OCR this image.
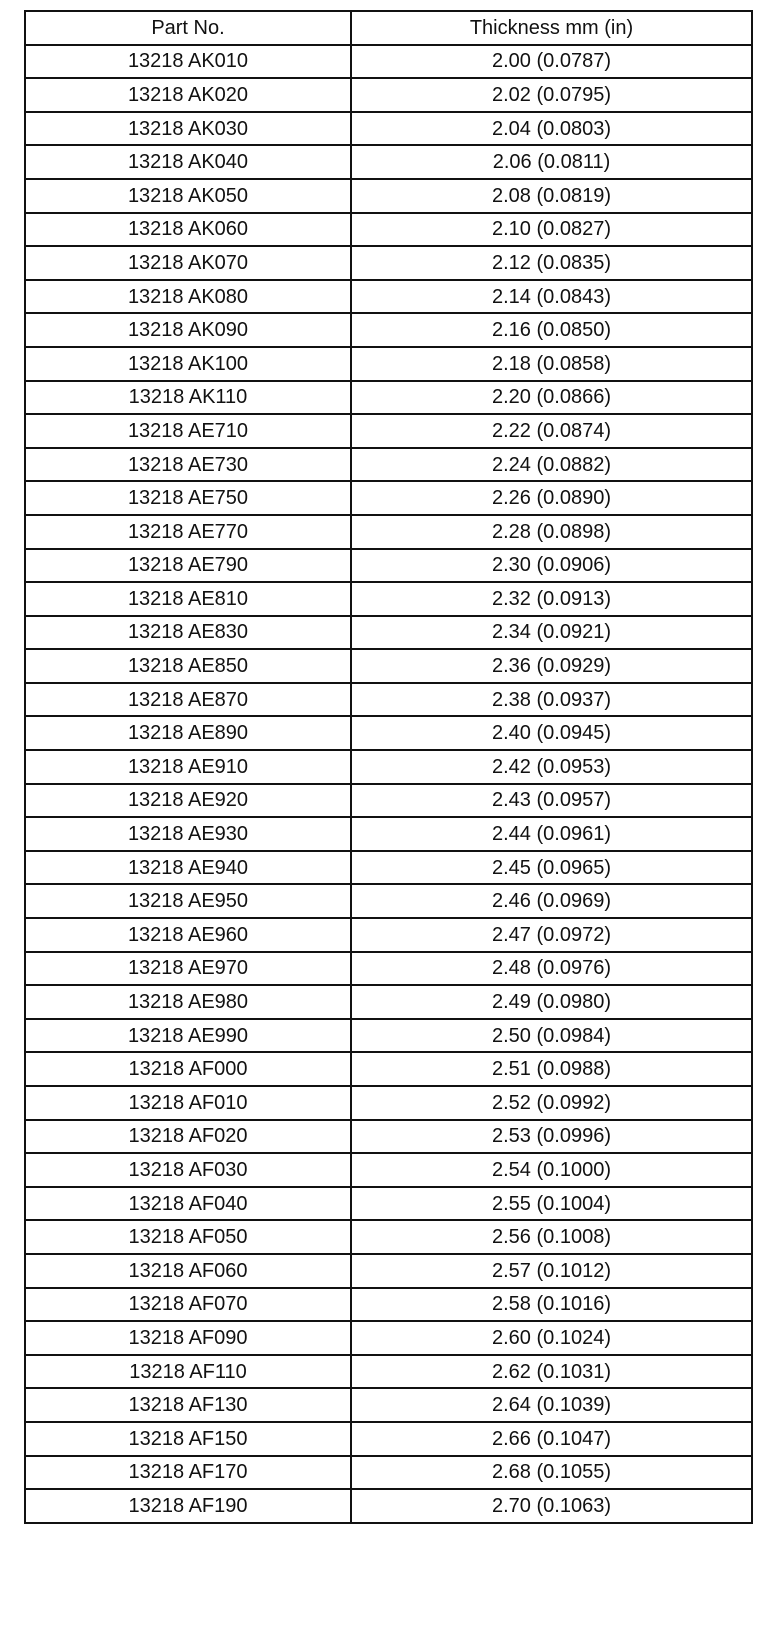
Part No.	Thickness mm (in)
13218 AK010	2.00 (0.0787)
13218 AK020	2.02 (0.0795)
13218 AK030	2.04 (0.0803)
13218 AK040	2.06 (0.0811)
13218 AK050	2.08 (0.0819)
13218 AK060	2.10 (0.0827)
13218 AK070	2.12 (0.0835)
13218 AK080	2.14 (0.0843)
13218 AK090	2.16 (0.0850)
13218 AK100	2.18 (0.0858)
13218 AK110	2.20 (0.0866)
13218 AE710	2.22 (0.0874)
13218 AE730	2.24 (0.0882)
13218 AE750	2.26 (0.0890)
13218 AE770	2.28 (0.0898)
13218 AE790	2.30 (0.0906)
13218 AE810	2.32 (0.0913)
13218 AE830	2.34 (0.0921)
13218 AE850	2.36 (0.0929)
13218 AE870	2.38 (0.0937)
13218 AE890	2.40 (0.0945)
13218 AE910	2.42 (0.0953)
13218 AE920	2.43 (0.0957)
13218 AE930	2.44 (0.0961)
13218 AE940	2.45 (0.0965)
13218 AE950	2.46 (0.0969)
13218 AE960	2.47 (0.0972)
13218 AE970	2.48 (0.0976)
13218 AE980	2.49 (0.0980)
13218 AE990	2.50 (0.0984)
13218 AF000	2.51 (0.0988)
13218 AF010	2.52 (0.0992)
13218 AF020	2.53 (0.0996)
13218 AF030	2.54 (0.1000)
13218 AF040	2.55 (0.1004)
13218 AF050	2.56 (0.1008)
13218 AF060	2.57 (0.1012)
13218 AF070	2.58 (0.1016)
13218 AF090	2.60 (0.1024)
13218 AF110	2.62 (0.1031)
13218 AF130	2.64 (0.1039)
13218 AF150	2.66 (0.1047)
13218 AF170	2.68 (0.1055)
13218 AF190	2.70 (0.1063)
